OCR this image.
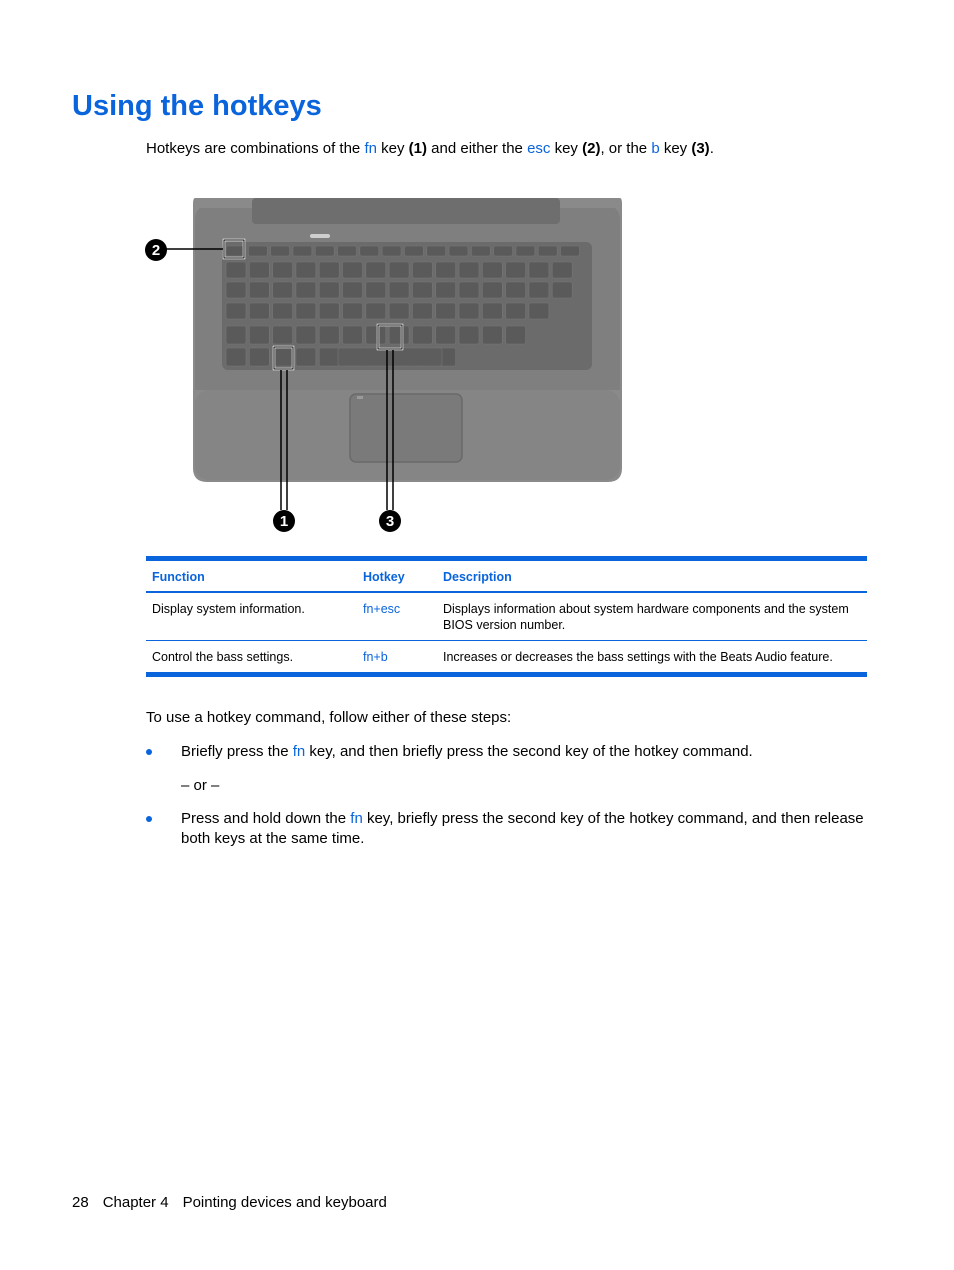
Using the hotkeys

Hotkeys are combinations of the fn key (1) and either the esc key (2), or the b key (3).

2
1	3
Function	Hotkey	Description
Display system information.	fn+esc	Displays information about system hardware components and the system BIOS version number.
Control the bass settings.	fn+b	Increases or decreases the bass settings with the Beats Audio feature.

To use a hotkey command, follow either of these steps:

Briefly press the fn key, and then briefly press the second key of the hotkey command.
– or –
Press and hold down the fn key, briefly press the second key of the hotkey command, and then release both keys at the same time.
28 Chapter 4 Pointing devices and keyboard
